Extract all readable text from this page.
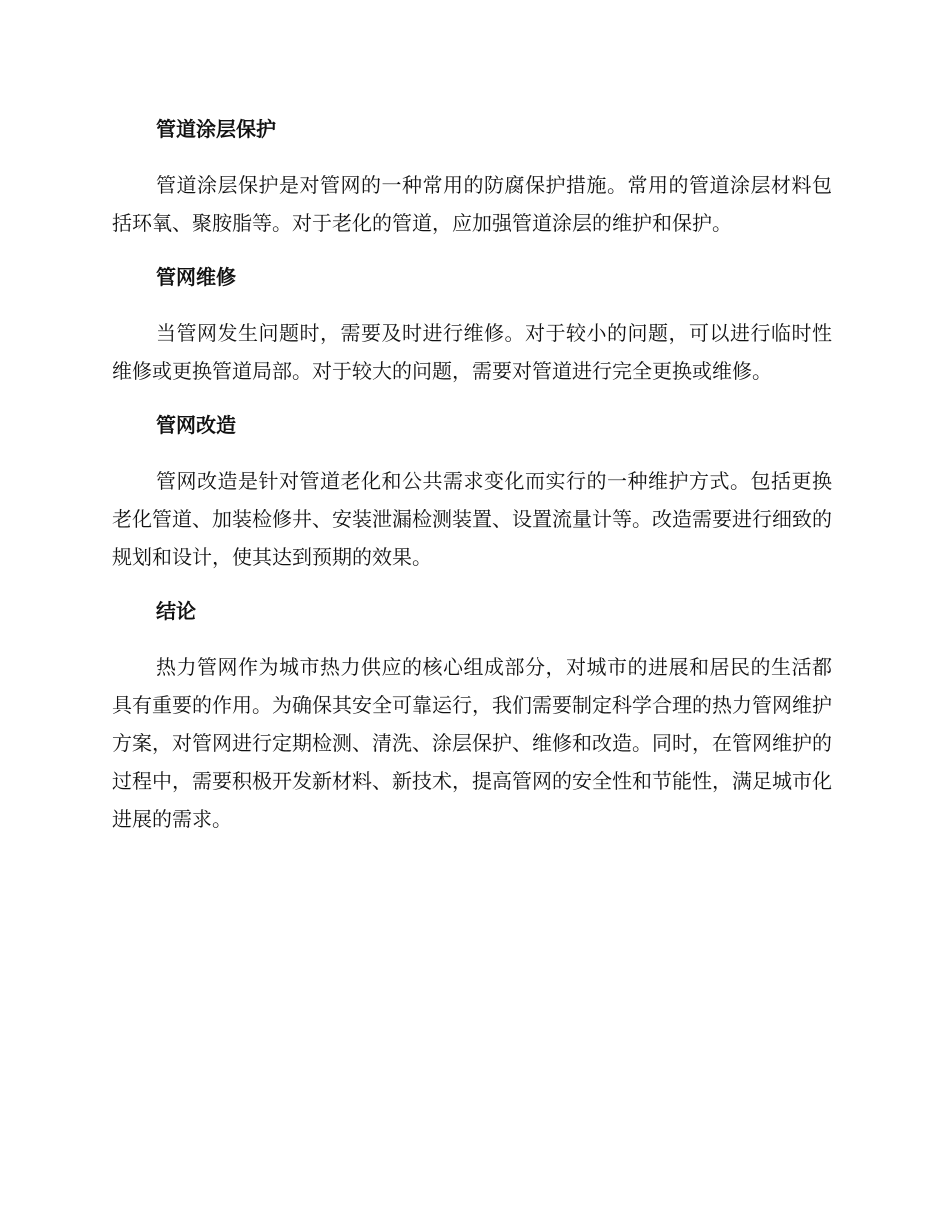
管道涂层保护

管道涂层保护是对管网的一种常用的防腐保护措施。常用的管道涂层材料包括环氧、聚胺脂等。对于老化的管道，应加强管道涂层的维护和保护。

管网维修

当管网发生问题时，需要及时进行维修。对于较小的问题，可以进行临时性维修或更换管道局部。对于较大的问题，需要对管道进行完全更换或维修。

管网改造

管网改造是针对管道老化和公共需求变化而实行的一种维护方式。包括更换老化管道、加装检修井、安装泄漏检测装置、设置流量计等。改造需要进行细致的规划和设计，使其达到预期的效果。

结论

热力管网作为城市热力供应的核心组成部分，对城市的进展和居民的生活都具有重要的作用。为确保其安全可靠运行，我们需要制定科学合理的热力管网维护方案，对管网进行定期检测、清洗、涂层保护、维修和改造。同时，在管网维护的过程中，需要积极开发新材料、新技术，提高管网的安全性和节能性，满足城市化进展的需求。
